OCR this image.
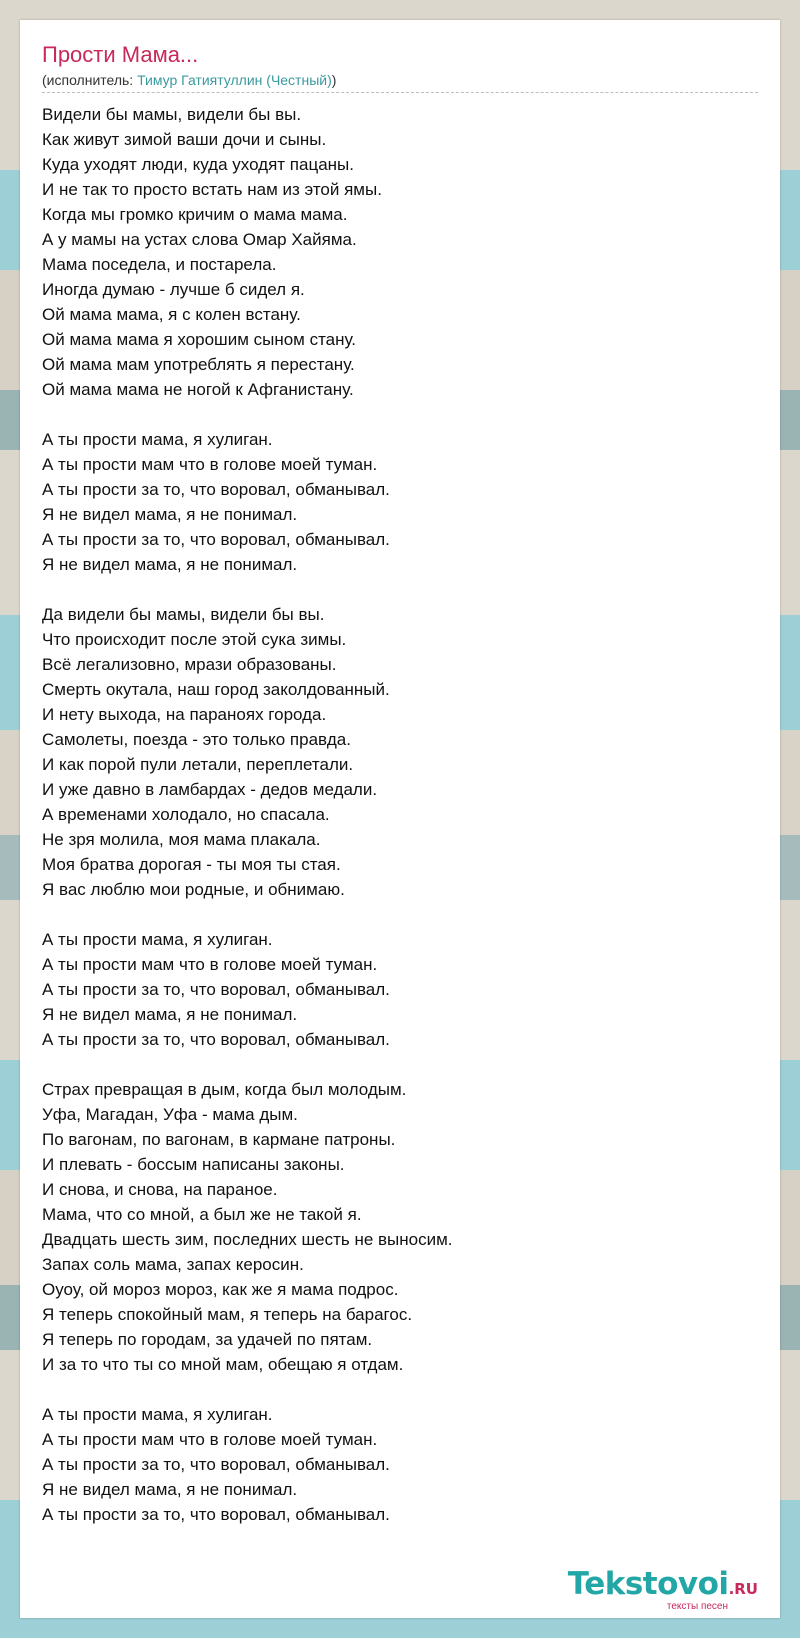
Прости Мама...
(исполнитель: Тимур Гатиятуллин (Честный))
Видели бы мамы, видели бы вы.
Как живут зимой ваши дочи и сыны.
Куда уходят люди, куда уходят пацаны.
И не так то просто встать нам из этой ямы.
Когда мы громко кричим о мама мама.
А у мамы на устах слова Омар Хайяма.
Мама поседела, и постарела.
Иногда думаю - лучше б сидел я.
Ой мама мама, я с колен встану.
Ой мама мама я хорошим сыном стану.
Ой мама мам употреблять я перестану.
Ой мама мама не ногой к Афганистану.
А ты прости мама, я хулиган.
А ты прости мам что в голове моей туман.
А ты прости за то, что воровал, обманывал.
Я не видел мама, я не понимал.
А ты прости за то, что воровал, обманывал.
Я не видел мама, я не понимал.
Да видели бы мамы, видели бы вы.
Что происходит после этой сука зимы.
Всё легализовно, мрази образованы.
Смерть окутала, наш город заколдованный.
И нету выхода, на параноях города.
Самолеты, поезда - это только правда.
И как порой пули летали, переплетали.
И уже давно в ламбардах - дедов медали.
А временами холодало, но спасала.
Не зря молила, моя мама плакала.
Моя братва дорогая - ты моя ты стая.
Я вас люблю мои родные, и обнимаю.
А ты прости мама, я хулиган.
А ты прости мам что в голове моей туман.
А ты прости за то, что воровал, обманывал.
Я не видел мама, я не понимал.
А ты прости за то, что воровал, обманывал.
Страх превращая в дым, когда был молодым.
Уфа, Магадан, Уфа - мама дым.
По вагонам, по вагонам, в кармане патроны.
И плевать - боссым написаны законы.
И снова, и снова, на параное.
Мама, что со мной, а был же не такой я.
Двадцать шесть зим, последних шесть не выносим.
Запах соль мама, запах керосин.
Оуоу, ой мороз мороз, как же я мама подрос.
Я теперь спокойный мам, я теперь на барагос.
Я теперь по городам, за удачей по пятам.
И за то что ты со мной мам, обещаю я отдам.
А ты прости мама, я хулиган.
А ты прости мам что в голове моей туман.
А ты прости за то, что воровал, обманывал.
Я не видел мама, я не понимал.
А ты прости за то, что воровал, обманывал.
Tekstovoi.RU
тексты песен
